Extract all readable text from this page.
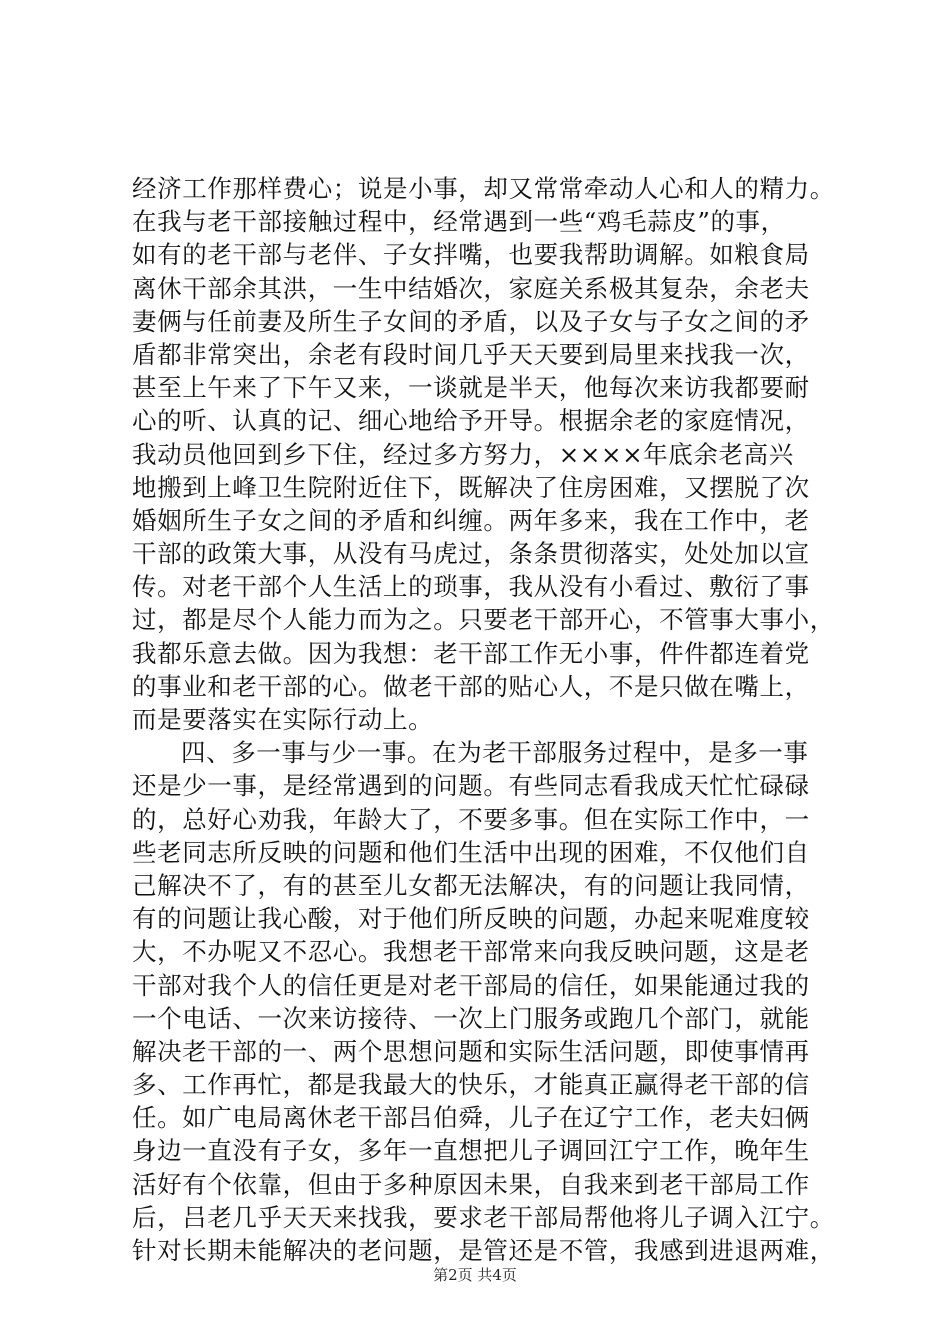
经济工作那样费心；说是小事，却又常常牵动人心和人的精力。
在我与老干部接触过程中，经常遇到一些“鸡毛蒜皮”的事，
如有的老干部与老伴、子女拌嘴，也要我帮助调解。如粮食局
离休干部余其洪，一生中结婚次，家庭关系极其复杂，余老夫
妻俩与任前妻及所生子女间的矛盾，以及子女与子女之间的矛
盾都非常突出，余老有段时间几乎天天要到局里来找我一次，
甚至上午来了下午又来，一谈就是半天，他每次来访我都要耐
心的听、认真的记、细心地给予开导。根据余老的家庭情况，
我动员他回到乡下住，经过多方努力，××××年底余老高兴
地搬到上峰卫生院附近住下，既解决了住房困难，又摆脱了次
婚姻所生子女之间的矛盾和纠缠。两年多来，我在工作中，老
干部的政策大事，从没有马虎过，条条贯彻落实，处处加以宣
传。对老干部个人生活上的琐事，我从没有小看过、敷衍了事
过，都是尽个人能力而为之。只要老干部开心，不管事大事小，
我都乐意去做。因为我想：老干部工作无小事，件件都连着党
的事业和老干部的心。做老干部的贴心人，不是只做在嘴上，
而是要落实在实际行动上。
四、多一事与少一事。在为老干部服务过程中，是多一事
还是少一事，是经常遇到的问题。有些同志看我成天忙忙碌碌
的，总好心劝我，年龄大了，不要多事。但在实际工作中，一
些老同志所反映的问题和他们生活中出现的困难，不仅他们自
己解决不了，有的甚至儿女都无法解决，有的问题让我同情，
有的问题让我心酸，对于他们所反映的问题，办起来呢难度较
大，不办呢又不忍心。我想老干部常来向我反映问题，这是老
干部对我个人的信任更是对老干部局的信任，如果能通过我的
一个电话、一次来访接待、一次上门服务或跑几个部门，就能
解决老干部的一、两个思想问题和实际生活问题，即使事情再
多、工作再忙，都是我最大的快乐，才能真正赢得老干部的信
任。如广电局离休老干部吕伯舜，儿子在辽宁工作，老夫妇俩
身边一直没有子女，多年一直想把儿子调回江宁工作，晚年生
活好有个依靠，但由于多种原因未果，自我来到老干部局工作
后，吕老几乎天天来找我，要求老干部局帮他将儿子调入江宁。
针对长期未能解决的老问题，是管还是不管，我感到进退两难，
第2页 共4页
